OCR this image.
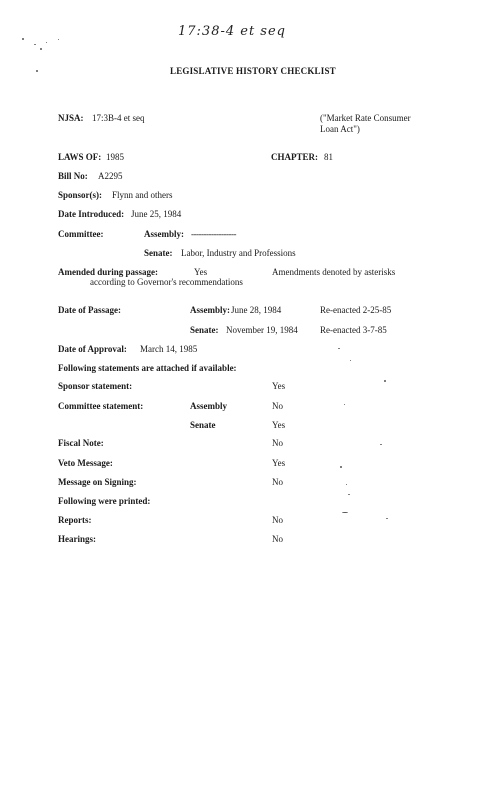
17:38-4 et seq
LEGISLATIVE HISTORY CHECKLIST
NJSA: 17:3B-4 et seq	("Market Rate Consumer
Loan Act")
LAWS OF: 1985	CHAPTER: 81
Bill No: A2295
Sponsor(s): Flynn and others
Date Introduced: June 25, 1984
Committee:	Assembly: ------------------
Senate: Labor, Industry and Professions
Amended during passage:	Yes	Amendments denoted by asterisks
according to Governor's recommendations
Date of Passage:	Assembly: June 28, 1984	Re-enacted 2-25-85
Senate: November 19, 1984 Re-enacted 3-7-85
Date of Approval: March 14, 1985
Following statements are attached if available:
Sponsor statement:	Yes
Committee statement:	Assembly	No
Senate	Yes
Fiscal Note:	No
Veto Message:	Yes
Message on Signing:	No
Following were printed:
Reports:	No
Hearings:	No
